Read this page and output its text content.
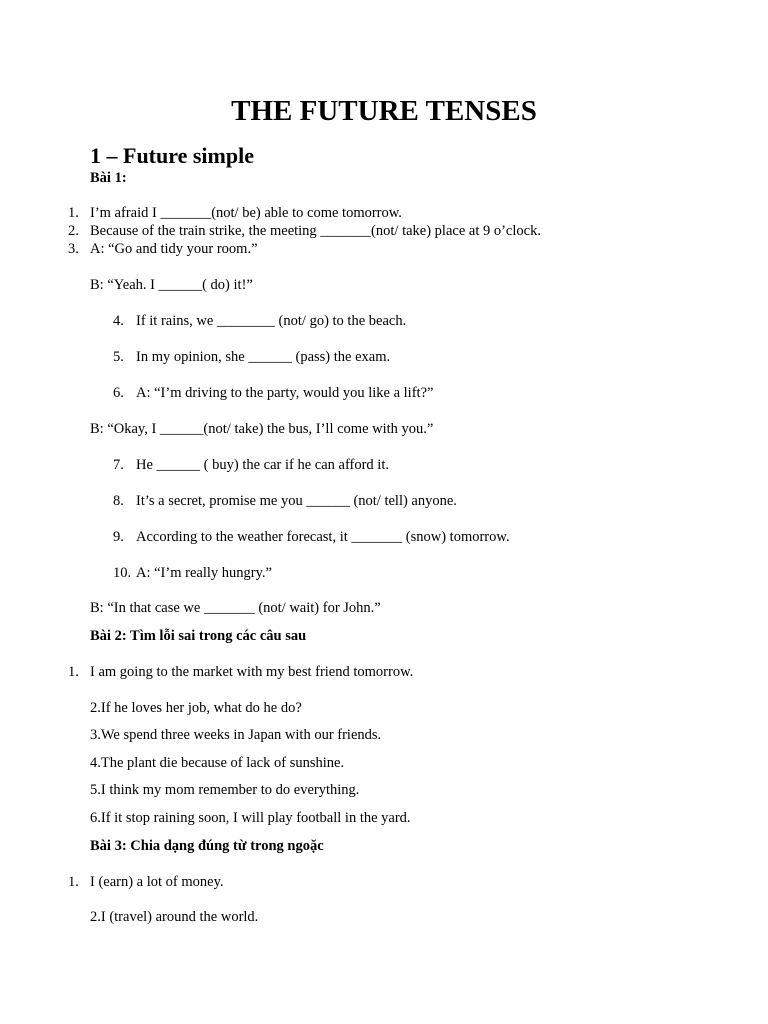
THE FUTURE TENSES
1 – Future simple
Bài 1:
1. I’m afraid I _______(not/ be) able to come tomorrow.
2. Because of the train strike, the meeting _______(not/ take) place at 9 o’clock.
3. A: “Go and tidy your room.”
B: “Yeah. I ______( do) it!”
4. If it rains, we ________ (not/ go) to the beach.
5. In my opinion, she ______ (pass) the exam.
6. A: “I’m driving to the party, would you like a lift?”
B: “Okay, I ______(not/ take) the bus, I’ll come with you.”
7. He ______ ( buy) the car if he can afford it.
8. It’s a secret, promise me you ______ (not/ tell) anyone.
9. According to the weather forecast, it _______ (snow) tomorrow.
10. A: “I’m really hungry.”
B: “In that case we _______ (not/ wait) for John.”
Bài 2: Tìm lỗi sai trong các câu sau
1. I am going to the market with my best friend tomorrow.
2.If he loves her job, what do he do?
3.We spend three weeks in Japan with our friends.
4.The plant die because of lack of sunshine.
5.I think my mom remember to do everything.
6.If it stop raining soon, I will play football in the yard.
Bài 3: Chia dạng đúng từ trong ngoặc
1. I (earn) a lot of money.
2.I (travel) around the world.
